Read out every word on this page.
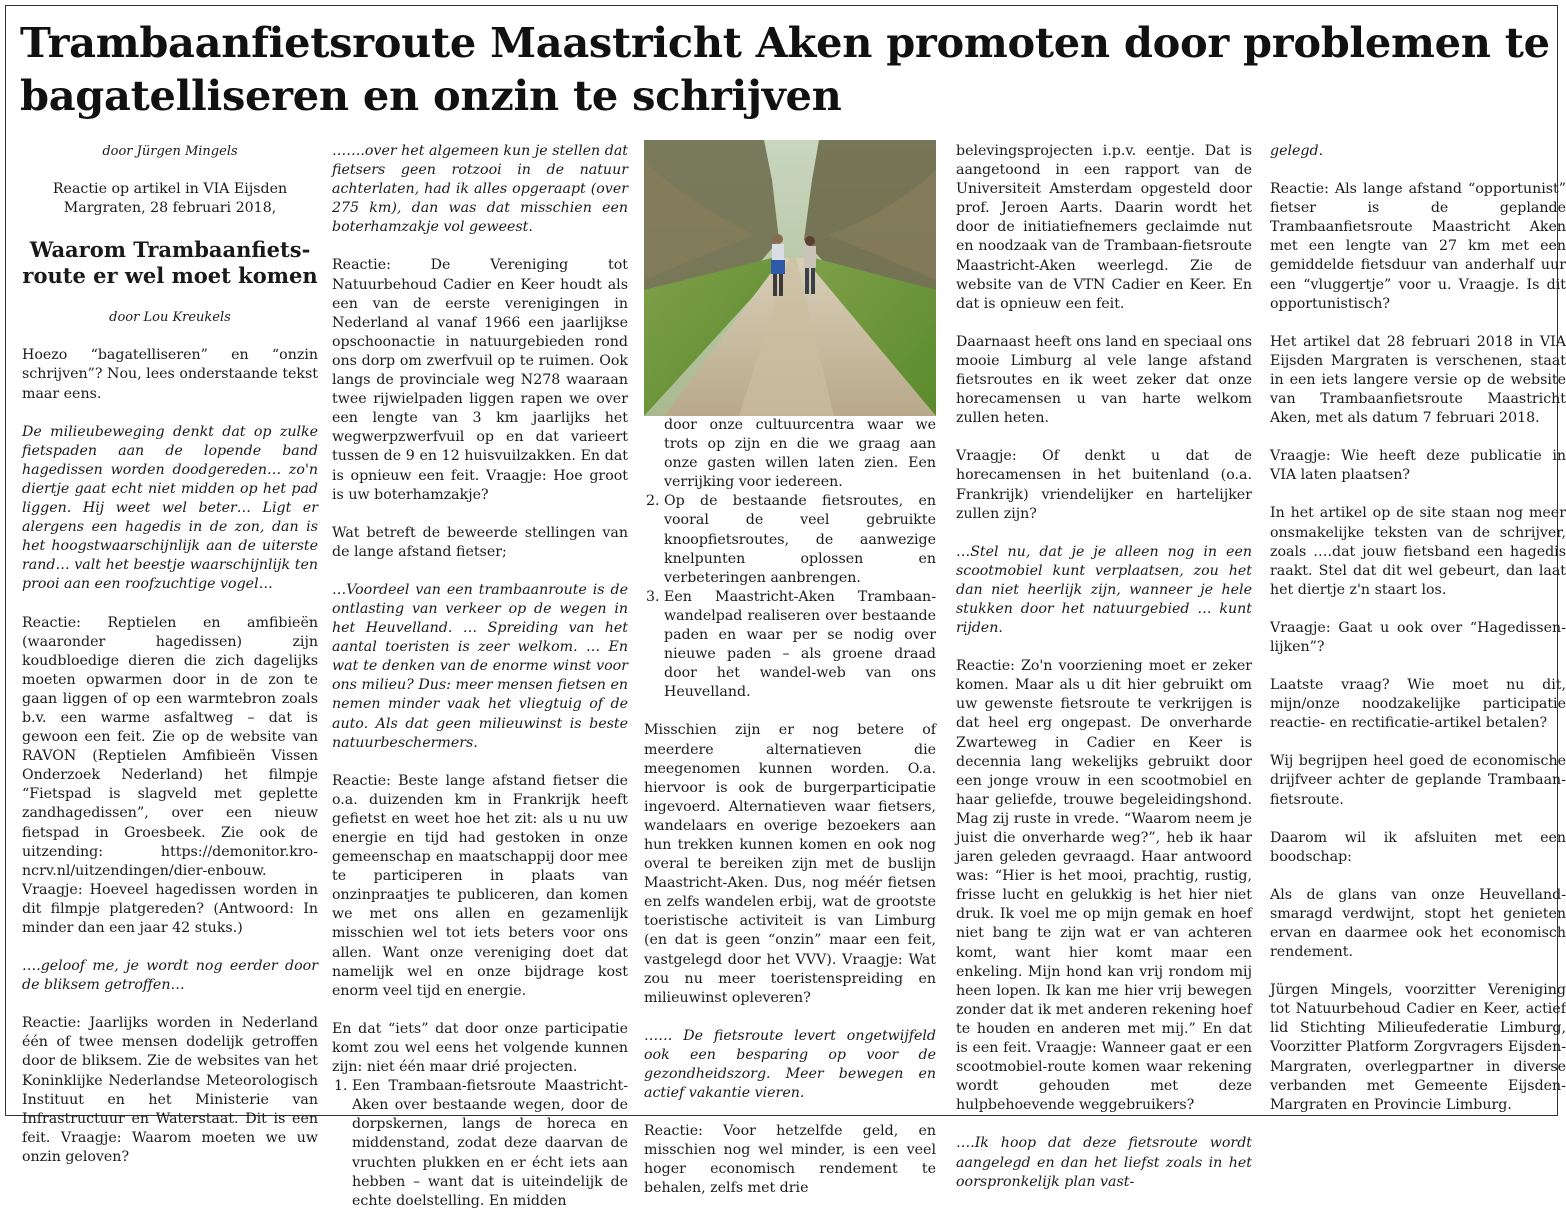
Trambaanfietsroute Maastricht Aken promoten door problemen te bagatelliseren en onzin te schrijven

door Jürgen Mingels

Reactie op artikel in VIA Eijsden Margraten, 28 februari 2018,

Waarom Trambaanfiets-route er wel moet komen

door Lou Kreukels

Hoezo “bagatelliseren” en “onzin schrijven”? Nou, lees onderstaande tekst maar eens.

De milieubeweging denkt dat op zulke fietspaden aan de lopende band hagedissen worden doodgereden… zo'n diertje gaat echt niet midden op het pad liggen. Hij weet wel beter… Ligt er alergens een hagedis in de zon, dan is het hoogstwaarschijnlijk aan de uiterste rand… valt het beestje waarschijnlijk ten prooi aan een roofzuchtige vogel…

Reactie: Reptielen en amfibieën (waaronder hagedissen) zijn koudbloedige dieren die zich dagelijks moeten opwarmen door in de zon te gaan liggen of op een warmtebron zoals b.v. een warme asfaltweg – dat is gewoon een feit. Zie op de website van RAVON (Reptielen Amfibieën Vissen Onderzoek Nederland) het filmpje “Fietspad is slagveld met geplette zandhagedissen”, over een nieuw fietspad in Groesbeek. Zie ook de uitzending: https://demonitor.kro-ncrv.nl/uitzendingen/dier-enbouw. Vraagje: Hoeveel hagedissen worden in dit filmpje platgereden? (Antwoord: In minder dan een jaar 42 stuks.)

….geloof me, je wordt nog eerder door de bliksem getroffen…

Reactie: Jaarlijks worden in Nederland één of twee mensen dodelijk getroffen door de bliksem. Zie de websites van het Koninklijke Nederlandse Meteorologisch Instituut en het Ministerie van Infrastructuur en Waterstaat. Dit is een feit. Vraagje: Waarom moeten we uw onzin geloven?

…….over het algemeen kun je stellen dat fietsers geen rotzooi in de natuur achterlaten, had ik alles opgeraapt (over 275 km), dan was dat misschien een boterhamzakje vol geweest.

Reactie: De Vereniging tot Natuurbehoud Cadier en Keer houdt als een van de eerste verenigingen in Nederland al vanaf 1966 een jaarlijkse opschoonactie in natuurgebieden rond ons dorp om zwerfvuil op te ruimen. Ook langs de provinciale weg N278 waaraan twee rijwielpaden liggen rapen we over een lengte van 3 km jaarlijks het wegwerpzwerfvuil op en dat varieert tussen de 9 en 12 huisvuilzakken. En dat is opnieuw een feit. Vraagje: Hoe groot is uw boterhamzakje?

Wat betreft de beweerde stellingen van de lange afstand fietser;

…Voordeel van een trambaanroute is de ontlasting van verkeer op de wegen in het Heuvelland. … Spreiding van het aantal toeristen is zeer welkom. … En wat te denken van de enorme winst voor ons milieu? Dus: meer mensen fietsen en nemen minder vaak het vliegtuig of de auto. Als dat geen milieuwinst is beste natuurbeschermers.

Reactie: Beste lange afstand fietser die o.a. duizenden km in Frankrijk heeft gefietst en weet hoe het zit: als u nu uw energie en tijd had gestoken in onze gemeenschap en maatschappij door mee te participeren in plaats van onzinpraatjes te publiceren, dan komen we met ons allen en gezamenlijk misschien wel tot iets beters voor ons allen. Want onze vereniging doet dat namelijk wel en onze bijdrage kost enorm veel tijd en energie.

En dat “iets” dat door onze participatie komt zou wel eens het volgende kunnen zijn: niet één maar drié projecten.

1. Een Trambaan-fietsroute Maastricht-Aken over bestaande wegen, door de dorpskernen, langs de horeca en middenstand, zodat deze daarvan de vruchten plukken en er écht iets aan hebben – want dat is uiteindelijk de echte doelstelling. En midden

door onze cultuurcentra waar we trots op zijn en die we graag aan onze gasten willen laten zien. Een verrijking voor iedereen.

2. Op de bestaande fietsroutes, en vooral de veel gebruikte knoopfietsroutes, de aanwezige knelpunten oplossen en verbeteringen aanbrengen.
3. Een Maastricht-Aken Trambaan-wandelpad realiseren over bestaande paden en waar per se nodig over nieuwe paden – als groene draad door het wandel-web van ons Heuvelland.

Misschien zijn er nog betere of meerdere alternatieven die meegenomen kunnen worden. O.a. hiervoor is ook de burgerparticipatie ingevoerd. Alternatieven waar fietsers, wandelaars en overige bezoekers aan hun trekken kunnen komen en ook nog overal te bereiken zijn met de buslijn Maastricht-Aken. Dus, nog méér fietsen en zelfs wandelen erbij, wat de grootste toeristische activiteit is van Limburg (en dat is geen “onzin” maar een feit, vastgelegd door het VVV). Vraagje: Wat zou nu meer toeristenspreiding en milieuwinst opleveren?

…… De fietsroute levert ongetwijfeld ook een besparing op voor de gezondheidszorg. Meer bewegen en actief vakantie vieren.

Reactie: Voor hetzelfde geld, en misschien nog wel minder, is een veel hoger economisch rendement te behalen, zelfs met drie

belevingsprojecten i.p.v. eentje. Dat is aangetoond in een rapport van de Universiteit Amsterdam opgesteld door prof. Jeroen Aarts. Daarin wordt het door de initiatiefnemers geclaimde nut en noodzaak van de Trambaan-fietsroute Maastricht-Aken weerlegd. Zie de website van de VTN Cadier en Keer. En dat is opnieuw een feit.

Daarnaast heeft ons land en speciaal ons mooie Limburg al vele lange afstand fietsroutes en ik weet zeker dat onze horecamensen u van harte welkom zullen heten.

Vraagje: Of denkt u dat de horecamensen in het buitenland (o.a. Frankrijk) vriendelijker en hartelijker zullen zijn?

…Stel nu, dat je je alleen nog in een scootmobiel kunt verplaatsen, zou het dan niet heerlijk zijn, wanneer je hele stukken door het natuurgebied … kunt rijden.

Reactie: Zo'n voorziening moet er zeker komen. Maar als u dit hier gebruikt om uw gewenste fietsroute te verkrijgen is dat heel erg ongepast. De onverharde Zwarteweg in Cadier en Keer is decennia lang wekelijks gebruikt door een jonge vrouw in een scootmobiel en haar geliefde, trouwe begeleidingshond. Mag zij ruste in vrede. “Waarom neem je juist die onverharde weg?”, heb ik haar jaren geleden gevraagd. Haar antwoord was: “Hier is het mooi, prachtig, rustig, frisse lucht en gelukkig is het hier niet druk. Ik voel me op mijn gemak en hoef niet bang te zijn wat er van achteren komt, want hier komt maar een enkeling. Mijn hond kan vrij rondom mij heen lopen. Ik kan me hier vrij bewegen zonder dat ik met anderen rekening hoef te houden en anderen met mij.” En dat is een feit. Vraagje: Wanneer gaat er een scootmobiel-route komen waar rekening wordt gehouden met deze hulpbehoevende weggebruikers?

….Ik hoop dat deze fietsroute wordt aangelegd en dan het liefst zoals in het oorspronkelijk plan vast-

gelegd.

Reactie: Als lange afstand “opportunist” fietser is de geplande Trambaanfietsroute Maastricht Aken met een lengte van 27 km met een gemiddelde fietsduur van anderhalf uur een “vluggertje” voor u. Vraagje. Is dit opportunistisch?

Het artikel dat 28 februari 2018 in VIA Eijsden Margraten is verschenen, staat in een iets langere versie op de website van Trambaanfietsroute Maastricht Aken, met als datum 7 februari 2018.

Vraagje: Wie heeft deze publicatie in VIA laten plaatsen?

In het artikel op de site staan nog meer onsmakelijke teksten van de schrijver, zoals ….dat jouw fietsband een hagedis raakt. Stel dat dit wel gebeurt, dan laat het diertje z'n staart los.

Vraagje: Gaat u ook over “Hagedissen-lijken”?

Laatste vraag? Wie moet nu dit, mijn/onze noodzakelijke participatie reactie- en rectificatie-artikel betalen?

Wij begrijpen heel goed de economische drijfveer achter de geplande Trambaan-fietsroute.

Daarom wil ik afsluiten met een boodschap:

Als de glans van onze Heuvelland-smaragd verdwijnt, stopt het genieten ervan en daarmee ook het economisch rendement.

Jürgen Mingels, voorzitter Vereniging tot Natuurbehoud Cadier en Keer, actief lid Stichting Milieufederatie Limburg, Voorzitter Platform Zorgvragers Eijsden-Margraten, overlegpartner in diverse verbanden met Gemeente Eijsden-Margraten en Provincie Limburg.
